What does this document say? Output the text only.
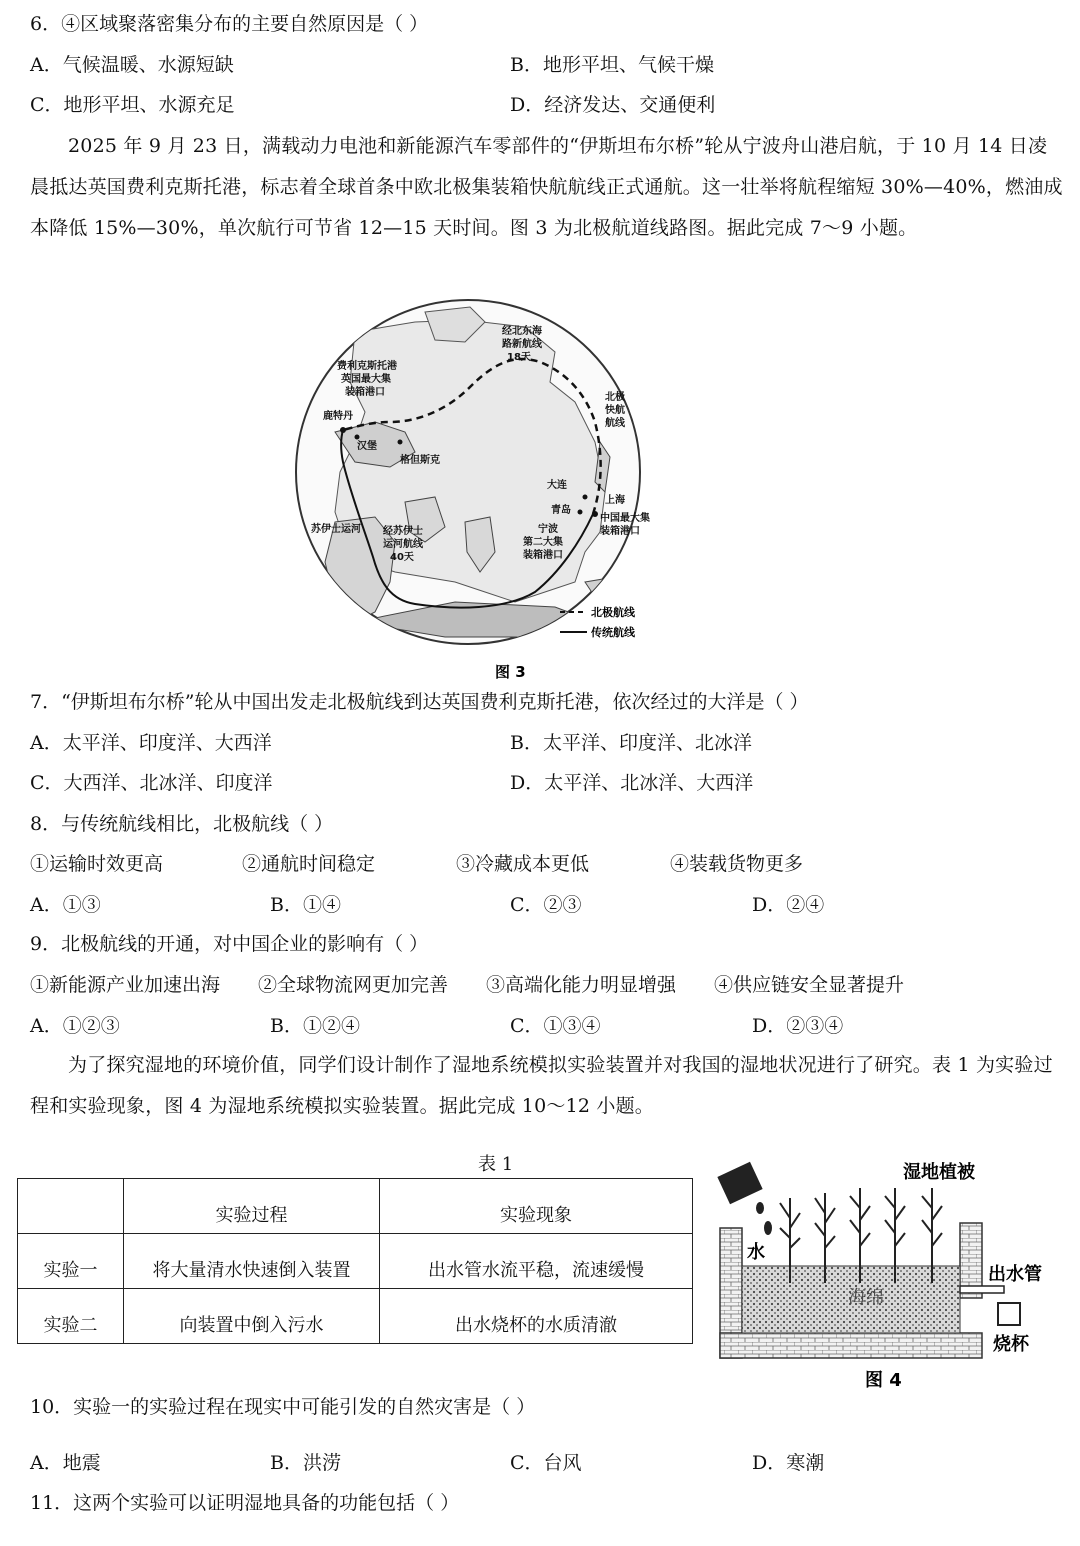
6．④区域聚落密集分布的主要自然原因是（ ）
A．气候温暖、水源短缺	B．地形平坦、气候干燥
C．地形平坦、水源充足	D．经济发达、交通便利
2025 年 9 月 23 日，满载动力电池和新能源汽车零部件的“伊斯坦布尔桥”轮从宁波舟山港启航，于 10 月 14 日凌晨抵达英国费利克斯托港，标志着全球首条中欧北极集装箱快航航线正式通航。这一壮举将航程缩短 30%—40%，燃油成本降低 15%—30%，单次航行可节省 12—15 天时间。图 3 为北极航道线路图。据此完成 7～9 小题。
经北东海
路新航线
18天
费利克斯托港
英国最大集
装箱港口
鹿特丹
汉堡
格但斯克
北极
快航
航线
大连
青岛
上海
中国最大集
装箱港口
宁波
第二大集
装箱港口
苏伊士运河 经苏伊士
运河航线
40天
北极航线
传统航线
图 3
7．“伊斯坦布尔桥”轮从中国出发走北极航线到达英国费利克斯托港，依次经过的大洋是（ ）
A．太平洋、印度洋、大西洋	B．太平洋、印度洋、北冰洋
C．大西洋、北冰洋、印度洋	D．太平洋、北冰洋、大西洋
8．与传统航线相比，北极航线（ ）
①运输时效更高	②通航时间稳定	③冷藏成本更低	④装载货物更多
A．①③	B．①④	C．②③	D．②④
9．北极航线的开通，对中国企业的影响有（ ）
①新能源产业加速出海 ②全球物流网更加完善 ③高端化能力明显增强 ④供应链安全显著提升
A．①②③	B．①②④	C．①③④	D．②③④
为了探究湿地的环境价值，同学们设计制作了湿地系统模拟实验装置并对我国的湿地状况进行了研究。表 1 为实验过程和实验现象，图 4 为湿地系统模拟实验装置。据此完成 10～12 小题。
表 1
	实验过程	实验现象
实验一	将大量清水快速倒入装置	出水管水流平稳，流速缓慢
实验二	向装置中倒入污水	出水烧杯的水质清澈
湿地植被
水
海绵
出水管
烧杯
图 4
10．实验一的实验过程在现实中可能引发的自然灾害是（ ）
A．地震	B．洪涝	C．台风	D．寒潮
11．这两个实验可以证明湿地具备的功能包括（ ）
